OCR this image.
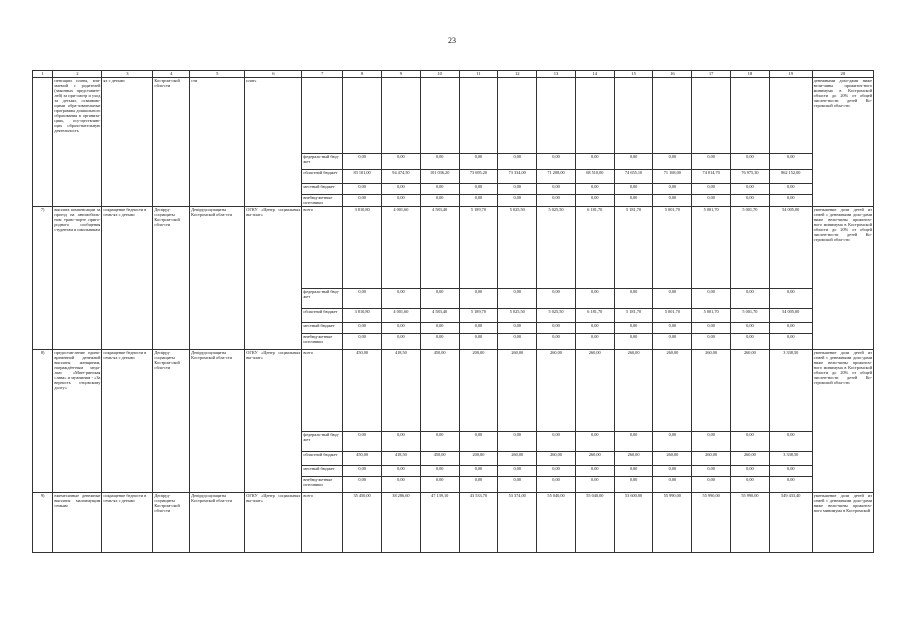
23
1	2	3	4	5	6	7	8	9	10	11	12	13	14	15	16	17	18	19	20
	пенсации платы, взи-маемой с родителей (законных представите-лей) за при-смотр и уход за детьми, осваиваю-щими обра-зовательные программы дошкольного образования в организа-циях, осу-ществляю-щих образо-вательную деятельность	ях с детьми	Костром-ской обла-сти	сти	плат»														денежными дохо-дами ниже вели-чины прожиточ-ного минимума в Костромской области до 20% от общей числен-ности детей Ко-стромской обла-сти
						федераль-ный бюд-жет	0,00	0,00	0,00	0,00	0,00	0,00	0,00	0,00	0,00	0,00	0,00	0,00	
						областной бюджет	83 101,00	94 474,50	101 036,20	73 695,20	73 334,00	71 208,00	68 510,00	74 655,10	71 168,00	74 014,70	76 975,30	862 152,00	
						местный бюджет	0,00	0,00	0,00	0,00	0,00	0,00	0,00	0,00	0,00	0,00	0,00	0,00	
						внебюд-жетные источники	0,00	0,00	0,00	0,00	0,00	0,00	0,00	0,00	0,00	0,00	0,00	0,00	
7)	выплата компенсации за проезд на автомобиль-ном транс-порте приго-родного сообщения студентам и школьникам	сокращение бедности в семь-ях с детьми	Депtруд-соцзащиты Костром-ской обла-сти	Депtрудсоцзащиты Костромской обла-сти	ОГКУ «Центр социальных вы-плат»	всего	3 810,80	4 001,60	4 583,40	5 189,70	5 025,50	5 025,50	6 181,70	5 181,70	5 001,70	5 001,70	5 001,70	54 005,00	уменьшение доли детей из семей с денежными дохо-дами ниже вели-чины прожиточ-ного минимума в Костромской области до 20% от общей числен-ности детей Ко-стромской обла-сти
						федераль-ный бюд-жет	0,00	0,00	0,00	0,00	0,00	0,00	0,00	0,00	0,00	0,00	0,00	0,00	
						областной бюджет	3 810,80	4 001,60	4 583,40	5 189,70	5 025,50	5 025,50	6 181,70	5 181,70	5 001,70	5 001,70	5 001,70	54 005,00	
						местный бюджет	0,00	0,00	0,00	0,00	0,00	0,00	0,00	0,00	0,00	0,00	0,00	0,00	
						внебюд-жетные источники	0,00	0,00	0,00	0,00	0,00	0,00	0,00	0,00	0,00	0,00	0,00	0,00	
8)	предостав-ление едино-временной денежной выплаты женщинам, награждён-ным меда-лью «Мате-ринская слава» и мужчинам - «За верность отцовскому долгу»	сокращение бедности в семь-ях с детьми	Депtруд-соцзащиты Костром-ской обла-сти	Депtрудсоцзащиты Костромской обла-сти	ОГКУ «Центр социальных вы-плат»	всего	450,00	418,50	450,00	200,00	260,00	260,00	260,00	260,00	260,00	260,00	260,00	3 338,50	уменьшение доли детей из семей с денежными дохо-дами ниже вели-чины прожиточ-ного минимума в Костромской области до 20% от общей числен-ности детей Ко-стромской обла-сти
						федераль-ный бюд-жет	0,00	0,00	0,00	0,00	0,00	0,00	0,00	0,00	0,00	0,00	0,00	0,00	
						областной бюджет	450,00	418,50	450,00	200,00	260,00	260,00	260,00	260,00	260,00	260,00	260,00	3 338,50	
						местный бюджет	0,00	0,00	0,00	0,00	0,00	0,00	0,00	0,00	0,00	0,00	0,00	0,00	
						внебюд-жетные источники	0,00	0,00	0,00	0,00	0,00	0,00	0,00	0,00	0,00	0,00	0,00	0,00	
9)	ежемесячные денежные выплаты малоимущим семьям	сокращение бедности в семь-ях с детьми	Депtруд-соцзащиты Костром-ской обла-сти	Депtрудсоцзащиты Костромской обла-сти	ОГКУ «Центр социальных вы-плат»	всего	35 450,00	38 286,60	47 139,10	43 533,70	53 374,00	55 040,00	55 040,00	53 600,00	55 990,00	55 990,00	55 990,00	549 433,40	уменьшение доли детей из семей с денежными дохо-дами ниже вели-чины прожиточ-ного минимума в Костромской
